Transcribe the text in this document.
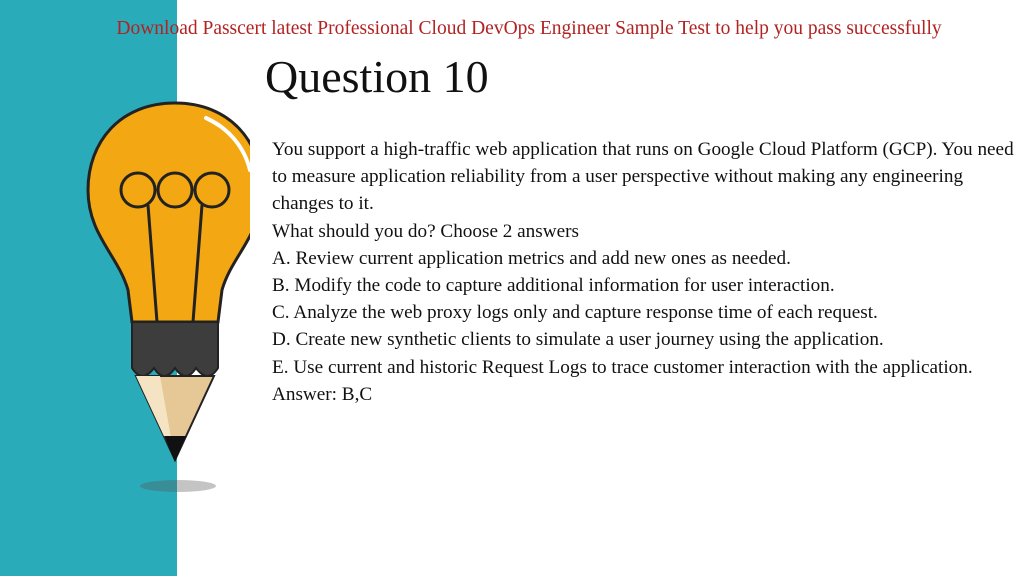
Download Passcert latest Professional Cloud DevOps Engineer Sample Test to help you pass successfully
Question 10
You support a high-traffic web application that runs on Google Cloud Platform (GCP). You need to measure application reliability from a user perspective without making any engineering changes to it.
What should you do? Choose 2 answers
A. Review current application metrics and add new ones as needed.
B. Modify the code to capture additional information for user interaction.
C. Analyze the web proxy logs only and capture response time of each request.
D. Create new synthetic clients to simulate a user journey using the application.
E. Use current and historic Request Logs to trace customer interaction with the application.
Answer: B,C
